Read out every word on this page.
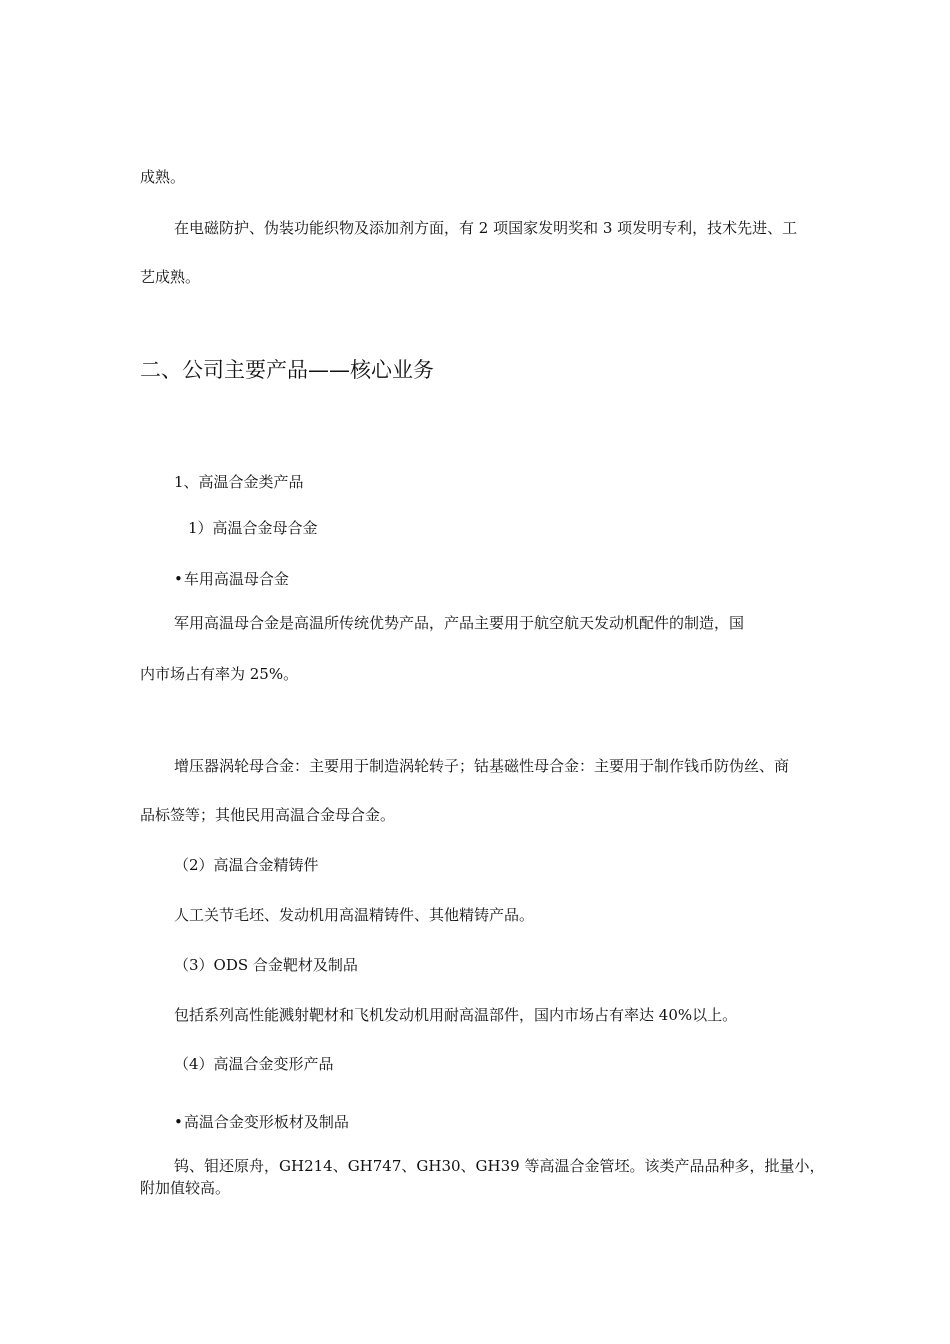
成熟。

在电磁防护、伪装功能织物及添加剂方面，有 2 项国家发明奖和 3 项发明专利，技术先进、工

艺成熟。

二、公司主要产品——核心业务

1、高温合金类产品

1）高温合金母合金

•车用高温母合金

军用高温母合金是高温所传统优势产品，产品主要用于航空航天发动机配件的制造，国

内市场占有率为 25%。

增压器涡轮母合金：主要用于制造涡轮转子；钴基磁性母合金：主要用于制作钱币防伪丝、商

品标签等；其他民用高温合金母合金。

（2）高温合金精铸件

人工关节毛坯、发动机用高温精铸件、其他精铸产品。

（3）ODS 合金靶材及制品

包括系列高性能溅射靶材和飞机发动机用耐高温部件，国内市场占有率达 40%以上。

（4）高温合金变形产品

•高温合金变形板材及制品

钨、钼还原舟，GH214、GH747、GH30、GH39 等高温合金管坯。该类产品品种多，批量小，

附加值较高。
